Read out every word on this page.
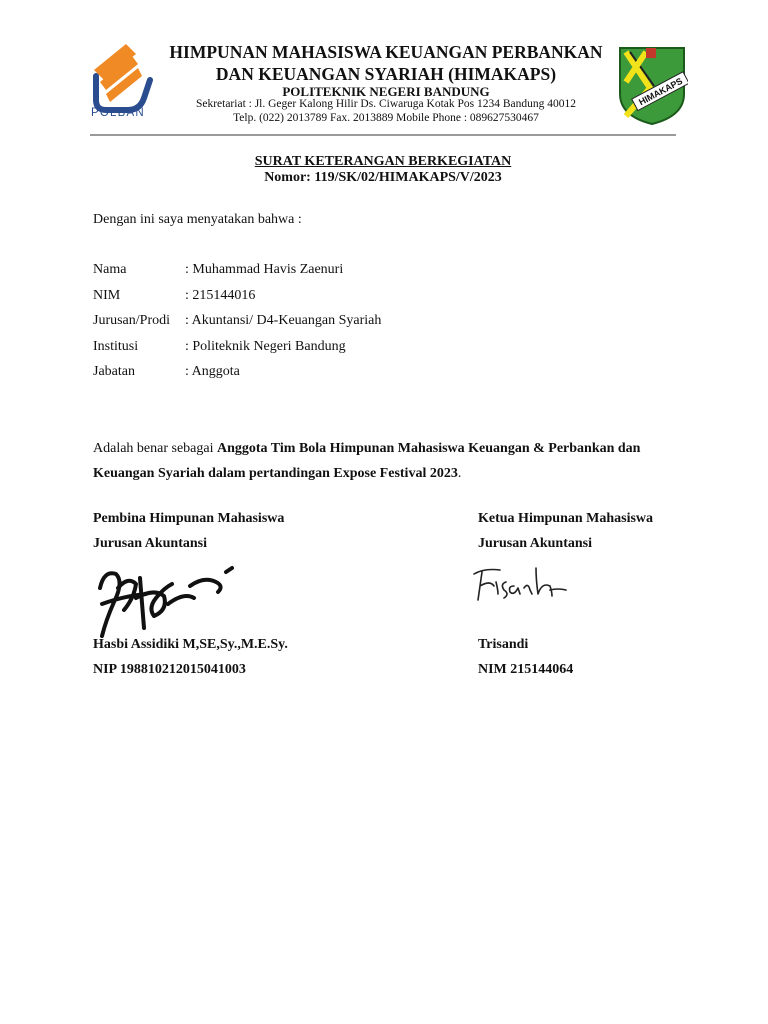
POLBAN
HIMAKAPS
HIMPUNAN MAHASISWA KEUANGAN PERBANKAN
DAN KEUANGAN SYARIAH (HIMAKAPS)
POLITEKNIK NEGERI BANDUNG
Sekretariat : Jl. Geger Kalong Hilir Ds. Ciwaruga Kotak Pos 1234 Bandung 40012
Telp. (022) 2013789 Fax. 2013889 Mobile Phone : 089627530467
SURAT KETERANGAN BERKEGIATAN
Nomor: 119/SK/02/HIMAKAPS/V/2023
Dengan ini saya menyatakan bahwa :
Nama	: Muhammad Havis Zaenuri
NIM	: 215144016
Jurusan/Prodi : Akuntansi/ D4-Keuangan Syariah
Institusi	: Politeknik Negeri Bandung
Jabatan	: Anggota
Adalah benar sebagai Anggota Tim Bola Himpunan Mahasiswa Keuangan & Perbankan dan Keuangan Syariah dalam pertandingan Expose Festival 2023.
Pembina Himpunan Mahasiswa
Jurusan Akuntansi
Hasbi Assidiki M,SE,Sy.,M.E.Sy.
NIP 198810212015041003
Ketua Himpunan Mahasiswa
Jurusan Akuntansi
Trisandi
NIM 215144064
